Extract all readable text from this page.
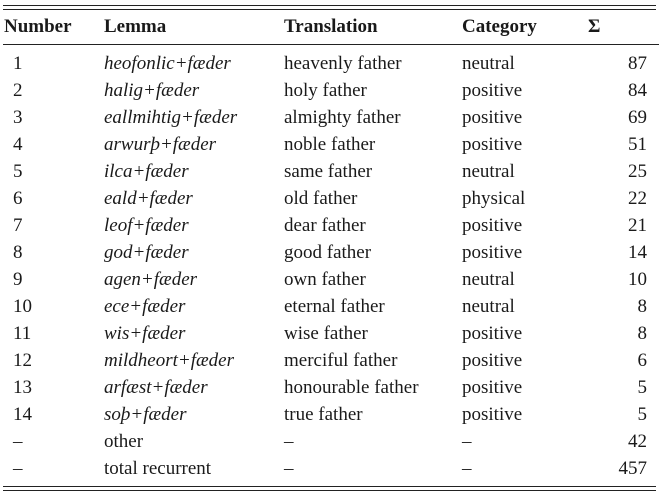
Number	Lemma	Translation	Category	Σ

1	heofonlic+fæder	heavenly father	neutral	87
2	halig+fæder	holy father	positive	84
3	eallmihtig+fæder	almighty father	positive	69
4	arwurþ+fæder	noble father	positive	51
5	ilca+fæder	same father	neutral	25
6	eald+fæder	old father	physical	22
7	leof+fæder	dear father	positive	21
8	god+fæder	good father	positive	14
9	agen+fæder	own father	neutral	10
10	ece+fæder	eternal father	neutral	8
11	wis+fæder	wise father	positive	8
12	mildheort+fæder	merciful father	positive	6
13	arfæst+fæder	honourable father	positive	5
14	soþ+fæder	true father	positive	5
–	other	–	–	42
–	total recurrent	–	–	457
